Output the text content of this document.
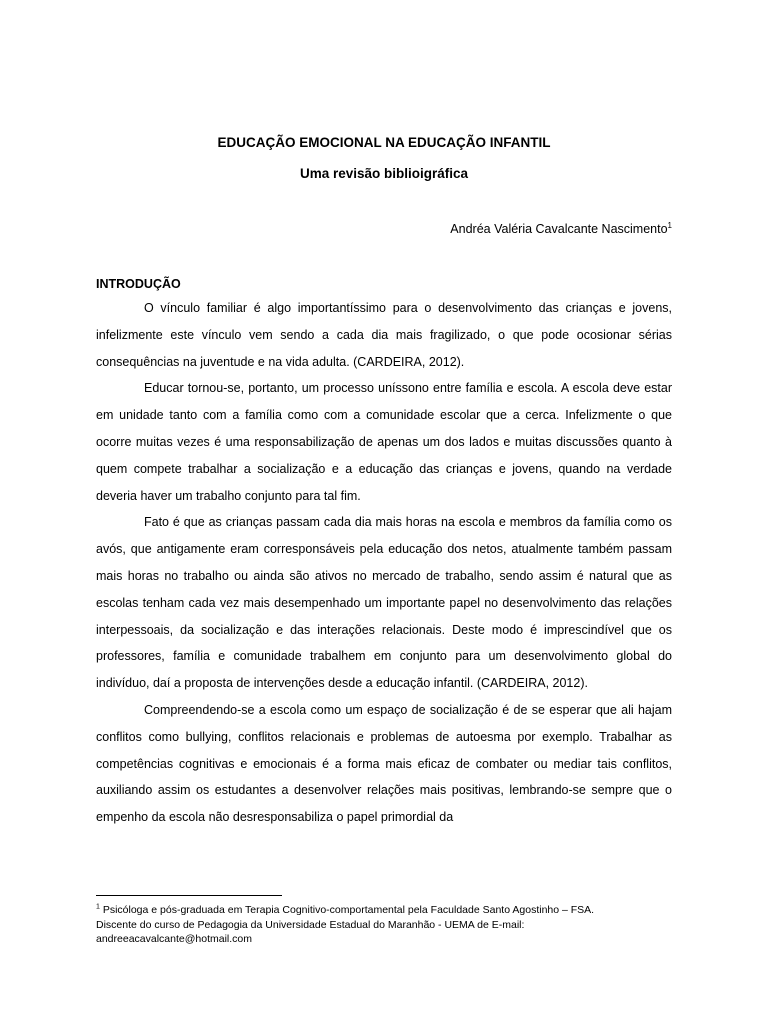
EDUCAÇÃO EMOCIONAL NA EDUCAÇÃO INFANTIL
Uma revisão biblioigráfica
Andréa Valéria Cavalcante Nascimento$^1$
INTRODUÇÃO

O vínculo familiar é algo importantíssimo para o desenvolvimento das crianças e jovens, infelizmente este vínculo vem sendo a cada dia mais fragilizado, o que pode ocosionar sérias consequências na juventude e na vida adulta. (CARDEIRA, 2012).

Educar tornou-se, portanto, um processo uníssono entre família e escola. A escola deve estar em unidade tanto com a família como com a comunidade escolar que a cerca. Infelizmente o que ocorre muitas vezes é uma responsabilização de apenas um dos lados e muitas discussões quanto à quem compete trabalhar a socialização e a educação das crianças e jovens, quando na verdade deveria haver um trabalho conjunto para tal fim.

Fato é que as crianças passam cada dia mais horas na escola e membros da família como os avós, que antigamente eram corresponsáveis pela educação dos netos, atualmente também passam mais horas no trabalho ou ainda são ativos no mercado de trabalho, sendo assim é natural que as escolas tenham cada vez mais desempenhado um importante papel no desenvolvimento das relações interpessoais, da socialização e das interações relacionais. Deste modo é imprescindível que os professores, família e comunidade trabalhem em conjunto para um desenvolvimento global do indivíduo, daí a proposta de intervenções desde a educação infantil. (CARDEIRA, 2012).

Compreendendo-se a escola como um espaço de socialização é de se esperar que ali hajam conflitos como bullying, conflitos relacionais e problemas de autoesma por exemplo. Trabalhar as competências cognitivas e emocionais é a forma mais eficaz de combater ou mediar tais conflitos, auxiliando assim os estudantes a desenvolver relações mais positivas, lembrando-se sempre que o empenho da escola não desresponsabiliza o papel primordial da

$^1$ Psicóloga e pós-graduada em Terapia Cognitivo-comportamental pela Faculdade Santo Agostinho – FSA.
Discente do curso de Pedagogia da Universidade Estadual do Maranhão - UEMA de E-mail:
andreeacavalcante@hotmail.com
